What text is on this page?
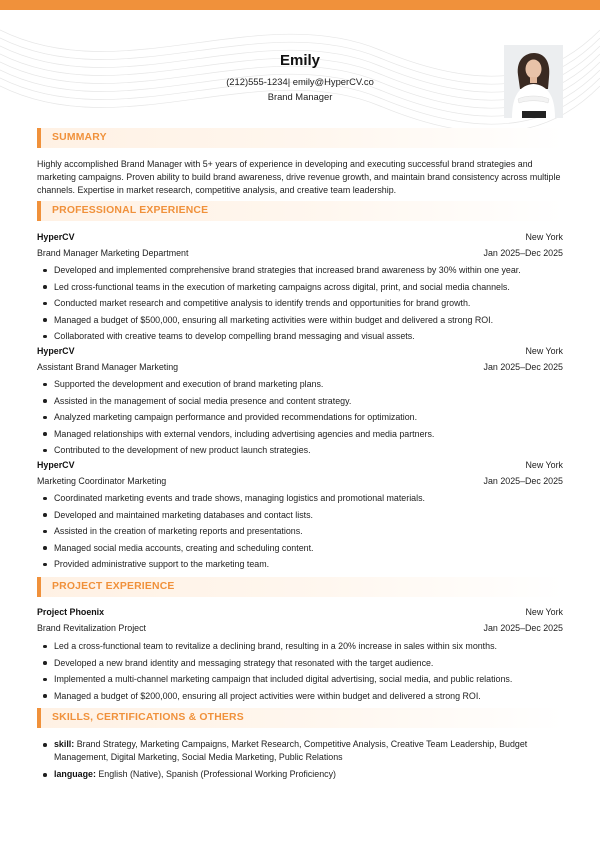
Emily
(212)555-1234| emily@HyperCV.co
Brand Manager
SUMMARY
Highly accomplished Brand Manager with 5+ years of experience in developing and executing successful brand strategies and marketing campaigns. Proven ability to build brand awareness, drive revenue growth, and maintain brand consistency across multiple channels. Expertise in market research, competitive analysis, and creative team leadership.
PROFESSIONAL EXPERIENCE
HyperCV	New York
Brand Manager Marketing Department	Jan 2025–Dec 2025
Developed and implemented comprehensive brand strategies that increased brand awareness by 30% within one year.
Led cross-functional teams in the execution of marketing campaigns across digital, print, and social media channels.
Conducted market research and competitive analysis to identify trends and opportunities for brand growth.
Managed a budget of $500,000, ensuring all marketing activities were within budget and delivered a strong ROI.
Collaborated with creative teams to develop compelling brand messaging and visual assets.
HyperCV	New York
Assistant Brand Manager Marketing	Jan 2025–Dec 2025
Supported the development and execution of brand marketing plans.
Assisted in the management of social media presence and content strategy.
Analyzed marketing campaign performance and provided recommendations for optimization.
Managed relationships with external vendors, including advertising agencies and media partners.
Contributed to the development of new product launch strategies.
HyperCV	New York
Marketing Coordinator Marketing	Jan 2025–Dec 2025
Coordinated marketing events and trade shows, managing logistics and promotional materials.
Developed and maintained marketing databases and contact lists.
Assisted in the creation of marketing reports and presentations.
Managed social media accounts, creating and scheduling content.
Provided administrative support to the marketing team.
PROJECT EXPERIENCE
Project Phoenix	New York
Brand Revitalization Project	Jan 2025–Dec 2025
Led a cross-functional team to revitalize a declining brand, resulting in a 20% increase in sales within six months.
Developed a new brand identity and messaging strategy that resonated with the target audience.
Implemented a multi-channel marketing campaign that included digital advertising, social media, and public relations.
Managed a budget of $200,000, ensuring all project activities were within budget and delivered a strong ROI.
SKILLS, CERTIFICATIONS & OTHERS
skill: Brand Strategy, Marketing Campaigns, Market Research, Competitive Analysis, Creative Team Leadership, Budget Management, Digital Marketing, Social Media Marketing, Public Relations
language: English (Native), Spanish (Professional Working Proficiency)
